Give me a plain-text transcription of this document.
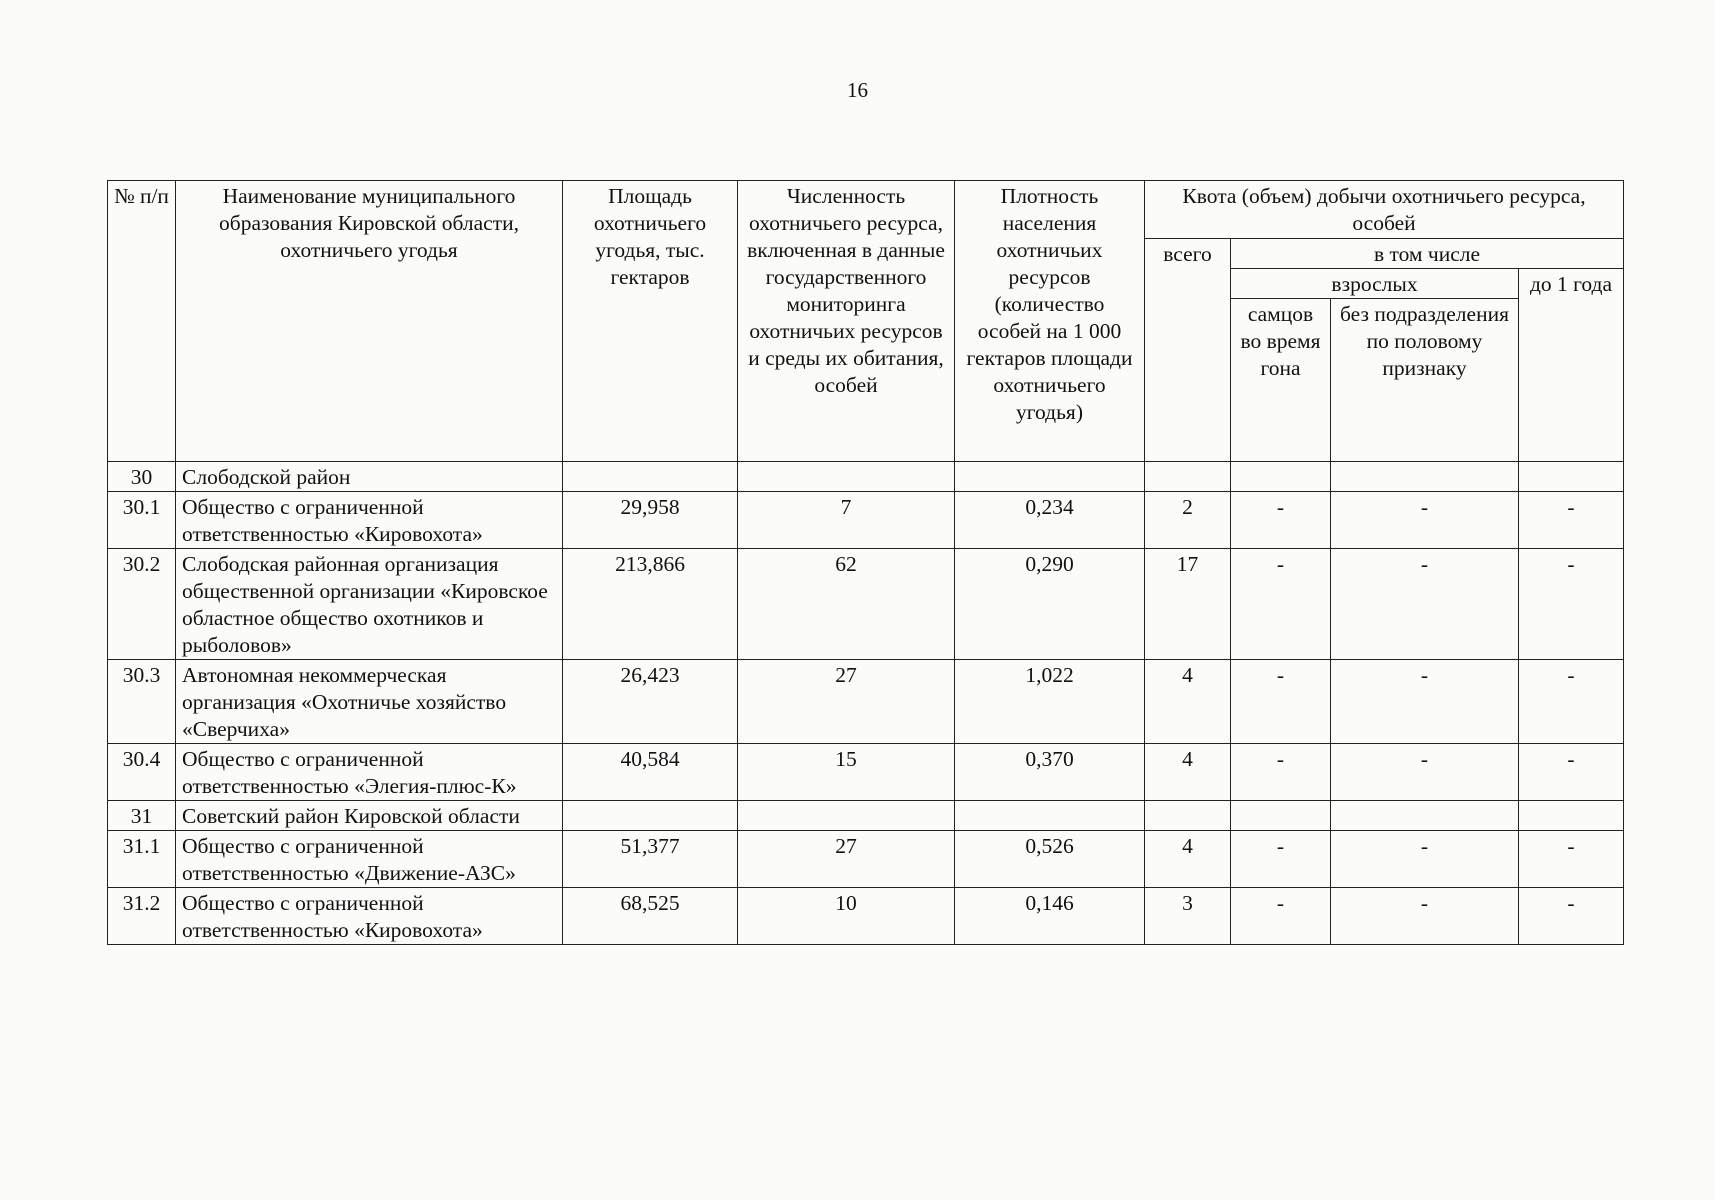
16
№ п/п	Наименование муниципального образования Кировской области, охотничьего угодья	Площадь охотничьего угодья, тыс. гектаров	Численность охотничьего ресурса, включенная в данные государственного мониторинга охотничьих ресурсов и среды их обитания, особей	Плотность населения охотничьих ресурсов (количество особей на 1 000 гектаров площади охотничьего угодья)	Квота (объем) добычи охотничьего ресурса, особей			
					всего	в том числе		
						взрослых		до 1 года
						самцов во время гона	без подразделения по половому признаку	
30	Слободской район							
30.1	Общество с ограниченной ответственностью «Кировохота»	29,958	7	0,234	2	-	-	-
30.2	Слободская районная организация общественной организации «Кировское областное общество охотников и рыболовов»	213,866	62	0,290	17	-	-	-
30.3	Автономная некоммерческая организация «Охотничье хозяйство «Сверчиха»	26,423	27	1,022	4	-	-	-
30.4	Общество с ограниченной ответственностью «Элегия-плюс-К»	40,584	15	0,370	4	-	-	-
31	Советский район Кировской области							
31.1	Общество с ограниченной ответственностью «Движение-АЗС»	51,377	27	0,526	4	-	-	-
31.2	Общество с ограниченной ответственностью «Кировохота»	68,525	10	0,146	3	-	-	-
